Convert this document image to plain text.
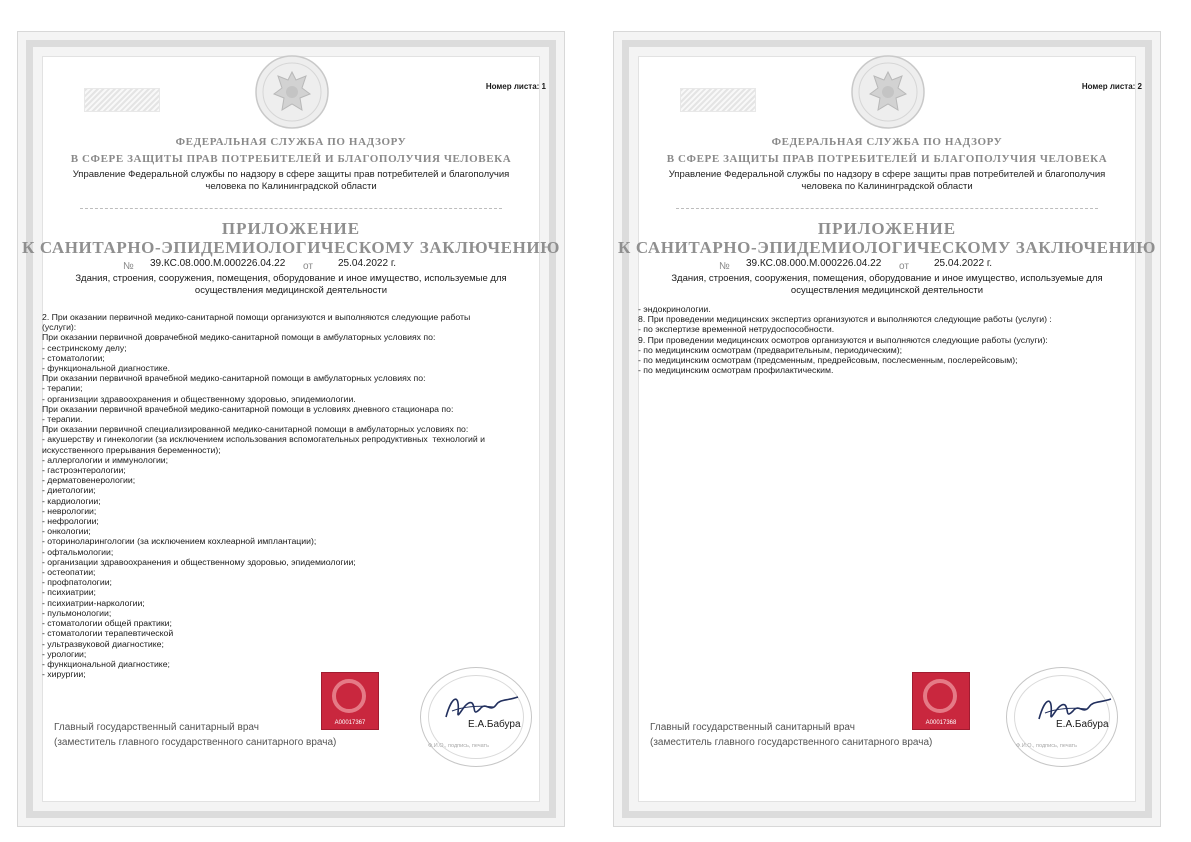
Номер листа: 1
ФЕДЕРАЛЬНАЯ СЛУЖБА ПО НАДЗОРУ
В СФЕРЕ ЗАЩИТЫ ПРАВ ПОТРЕБИТЕЛЕЙ И БЛАГОПОЛУЧИЯ ЧЕЛОВЕКА
Управление Федеральной службы по надзору в сфере защиты прав потребителей и благополучия
человека по Калининградской области
ПРИЛОЖЕНИЕ
К САНИТАРНО-ЭПИДЕМИОЛОГИЧЕСКОМУ ЗАКЛЮЧЕНИЮ
№ 39.КС.08.000.М.000226.04.22 от	25.04.2022 г.
Здания, строения, сооружения, помещения, оборудование и иное имущество, используемые для
осуществления медицинской деятельности
2. При оказании первичной медико-санитарной помощи организуются и выполняются следующие работы
(услуги):
При оказании первичной доврачебной медико-санитарной помощи в амбулаторных условиях по:
- сестринскому делу;
- стоматологии;
- функциональной диагностике.
При оказании первичной врачебной медико-санитарной помощи в амбулаторных условиях по:
- терапии;
- организации здравоохранения и общественному здоровью, эпидемиологии.
При оказании первичной врачебной медико-санитарной помощи в условиях дневного стационара по:
- терапии.
При оказании первичной специализированной медико-санитарной помощи в амбулаторных условиях по:
- акушерству и гинекологии (за исключением использования вспомогательных репродуктивных  технологий и
искусственного прерывания беременности);
- аллергологии и иммунологии;
- гастроэнтерологии;
- дерматовенерологии;
- диетологии;
- кардиологии;
- неврологии;
- нефрологии;
- онкологии;
- оториноларингологии (за исключением кохлеарной имплантации);
- офтальмологии;
- организации здравоохранения и общественному здоровью, эпидемиологии;
- остеопатии;
- профпатологии;
- психиатрии;
- психиатрии-наркологии;
- пульмонологии;
- стоматологии общей практики;
- стоматологии терапевтической
- ультразвуковой диагностике;
- урологии;
- функциональной диагностике;
- хирургии;
Главный государственный санитарный врач
(заместитель главного государственного санитарного врача)
А00017367	Е.А.Бабура
Ф.И.О., подпись, печать
Номер листа: 2
ФЕДЕРАЛЬНАЯ СЛУЖБА ПО НАДЗОРУ
В СФЕРЕ ЗАЩИТЫ ПРАВ ПОТРЕБИТЕЛЕЙ И БЛАГОПОЛУЧИЯ ЧЕЛОВЕКА
Управление Федеральной службы по надзору в сфере защиты прав потребителей и благополучия
человека по Калининградской области
ПРИЛОЖЕНИЕ
К САНИТАРНО-ЭПИДЕМИОЛОГИЧЕСКОМУ ЗАКЛЮЧЕНИЮ
№ 39.КС.08.000.М.000226.04.22 от	25.04.2022 г.
Здания, строения, сооружения, помещения, оборудование и иное имущество, используемые для
осуществления медицинской деятельности
- эндокринологии.
8. При проведении медицинских экспертиз организуются и выполняются следующие работы (услуги) :
- по экспертизе временной нетрудоспособности.
9. При проведении медицинских осмотров организуются и выполняются следующие работы (услуги):
- по медицинским осмотрам (предварительным, периодическим);
- по медицинским осмотрам (предсменным, предрейсовым, послесменным, послерейсовым);
- по медицинским осмотрам профилактическим.
Главный государственный санитарный врач
(заместитель главного государственного санитарного врача)
А00017368	Е.А.Бабура
Ф.И.О., подпись, печать
